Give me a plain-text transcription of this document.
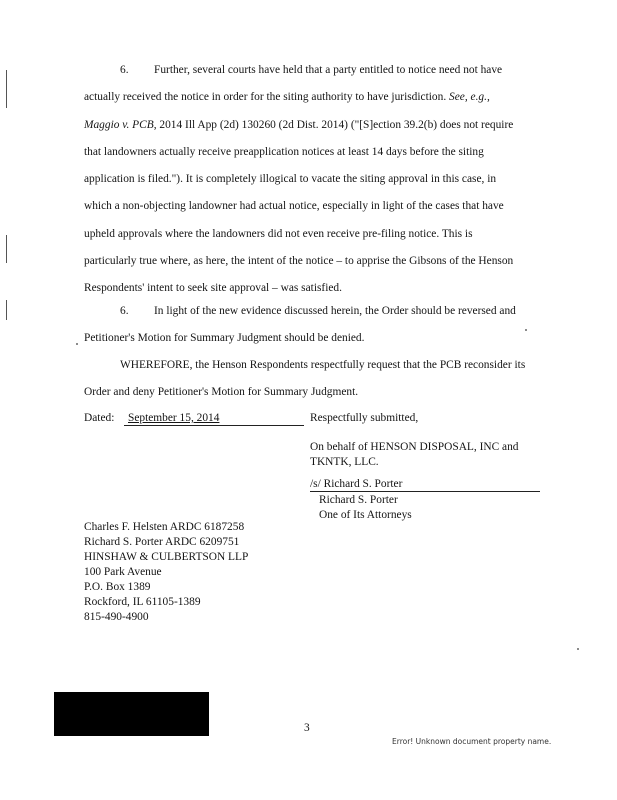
6. Further, several courts have held that a party entitled to notice need not have

actually received the notice in order for the siting authority to have jurisdiction. See, e.g.,

Maggio v. PCB, 2014 Ill App (2d) 130260 (2d Dist. 2014) ("[S]ection 39.2(b) does not require

that landowners actually receive preapplication notices at least 14 days before the siting

application is filed."). It is completely illogical to vacate the siting approval in this case, in

which a non-objecting landowner had actual notice, especially in light of the cases that have

upheld approvals where the landowners did not even receive pre-filing notice. This is

particularly true where, as here, the intent of the notice – to apprise the Gibsons of the Henson

Respondents' intent to seek site approval – was satisfied.

6. In light of the new evidence discussed herein, the Order should be reversed and

Petitioner's Motion for Summary Judgment should be denied.

WHEREFORE, the Henson Respondents respectfully request that the PCB reconsider its

Order and deny Petitioner's Motion for Summary Judgment.

Dated: September 15, 2014	Respectfully submitted,
On behalf of HENSON DISPOSAL, INC and
TKNTK, LLC.
/s/ Richard S. Porter
Richard S. Porter
One of Its Attorneys
Charles F. Helsten ARDC 6187258
Richard S. Porter ARDC 6209751
HINSHAW & CULBERTSON LLP
100 Park Avenue
P.O. Box 1389
Rockford, IL 61105-1389
815-490-4900
3
Error! Unknown document property name.
